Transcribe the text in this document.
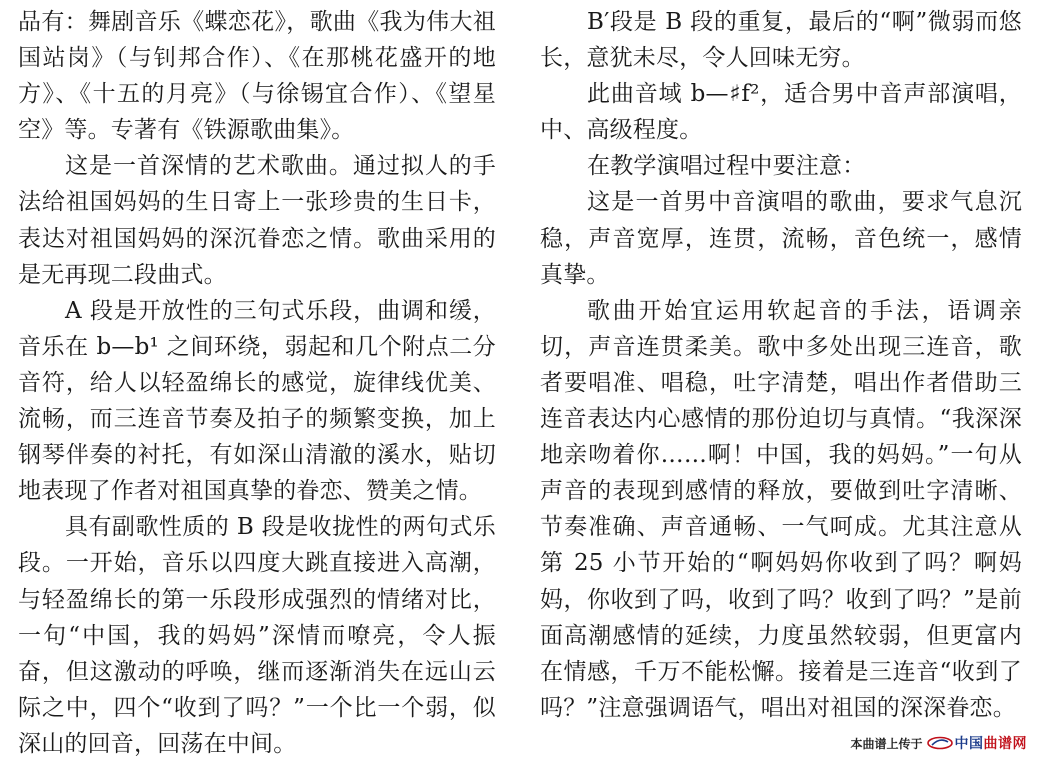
品有：舞剧音乐《蝶恋花》，歌曲《我为伟大祖国站岗》（与钊邦合作）、《在那桃花盛开的地方》、《十五的月亮》（与徐锡宜合作）、《望星空》等。专著有《铁源歌曲集》。

这是一首深情的艺术歌曲。通过拟人的手法给祖国妈妈的生日寄上一张珍贵的生日卡，表达对祖国妈妈的深沉眷恋之情。歌曲采用的是无再现二段曲式。

A 段是开放性的三句式乐段，曲调和缓，音乐在 b—b¹ 之间环绕，弱起和几个附点二分音符，给人以轻盈绵长的感觉，旋律线优美、流畅，而三连音节奏及拍子的频繁变换，加上钢琴伴奏的衬托，有如深山清澈的溪水，贴切地表现了作者对祖国真挚的眷恋、赞美之情。

具有副歌性质的 B 段是收拢性的两句式乐段。一开始，音乐以四度大跳直接进入高潮，与轻盈绵长的第一乐段形成强烈的情绪对比，一句“中国，我的妈妈”深情而嘹亮，令人振奋，但这激动的呼唤，继而逐渐消失在远山云际之中，四个“收到了吗？”一个比一个弱，似深山的回音，回荡在中间。

B′段是 B 段的重复，最后的“啊”微弱而悠长，意犹未尽，令人回味无穷。

此曲音域 b—♯f²，适合男中音声部演唱，中、高级程度。

在教学演唱过程中要注意：

这是一首男中音演唱的歌曲，要求气息沉稳，声音宽厚，连贯，流畅，音色统一，感情真挚。

歌曲开始宜运用软起音的手法，语调亲切，声音连贯柔美。歌中多处出现三连音，歌者要唱准、唱稳，吐字清楚，唱出作者借助三连音表达内心感情的那份迫切与真情。“我深深地亲吻着你……啊！中国，我的妈妈。”一句从声音的表现到感情的释放，要做到吐字清晰、节奏准确、声音通畅、一气呵成。尤其注意从第 25 小节开始的“啊妈妈你收到了吗？啊妈妈，你收到了吗，收到了吗？收到了吗？”是前面高潮感情的延续，力度虽然较弱，但更富内在情感，千万不能松懈。接着是三连音“收到了吗？”注意强调语气，唱出对祖国的深深眷恋。

本曲谱上传于 中国曲谱网
